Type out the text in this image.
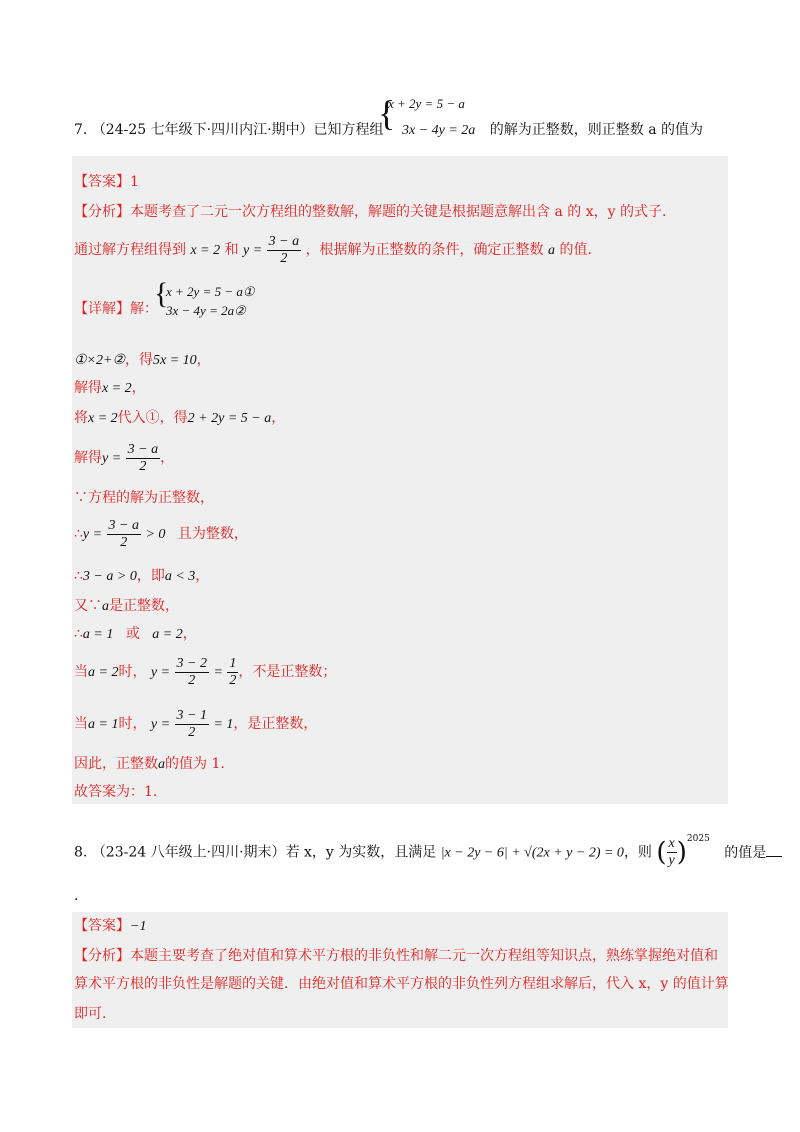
x + 2y = 5 − a
{
7. （24-25 七年级下·四川内江·期中）已知方程组 3x − 4y = 2a 的解为正整数，则正整数 a 的值为
【答案】1
【分析】本题考查了二元一次方程组的整数解，解题的关键是根据题意解出含 a 的 x，y 的式子.
通过解方程组得到 x = 2 和 $y = \frac{3 - a}{2}$ ，根据解为正整数的条件，确定正整数 a 的值.
【详解】解：
{
x + 2y = 5 − a①
3x − 4y = 2a②
①×2+②，得5x = 10，
解得x = 2，
将x = 2代入①，得2 + 2y = 5 − a，
解得$y = \frac{3 - a}{2}$ ，
∵方程的解为正整数，
∴y = $\frac{3 - a}{2} > 0$ 且为整数，
∴3 − a > 0，即a < 3，
又∵a是正整数，
∴a = 1 或 a = 2，
当a = 2时， $y = \frac{3 - 2}{2} = \frac{1}{2}$ ，不是正整数；
当a = 1时， $y = \frac{3 - 1}{2} = 1$，是正整数，
因此，正整数a的值为 1.
故答案为：1.
8. （23-24 八年级上·四川·期末）若 x，y 为实数，且满足 |x − 2y − 6| + √(2x + y − 2) = 0，则 ( $\frac{x}{y} )^{2025}$ 的值是
.
【答案】−1
【分析】本题主要考查了绝对值和算术平方根的非负性和解二元一次方程组等知识点，熟练掌握绝对值和
算术平方根的非负性是解题的关键．由绝对值和算术平方根的非负性列方程组求解后，代入 x，y 的值计算
即可.
